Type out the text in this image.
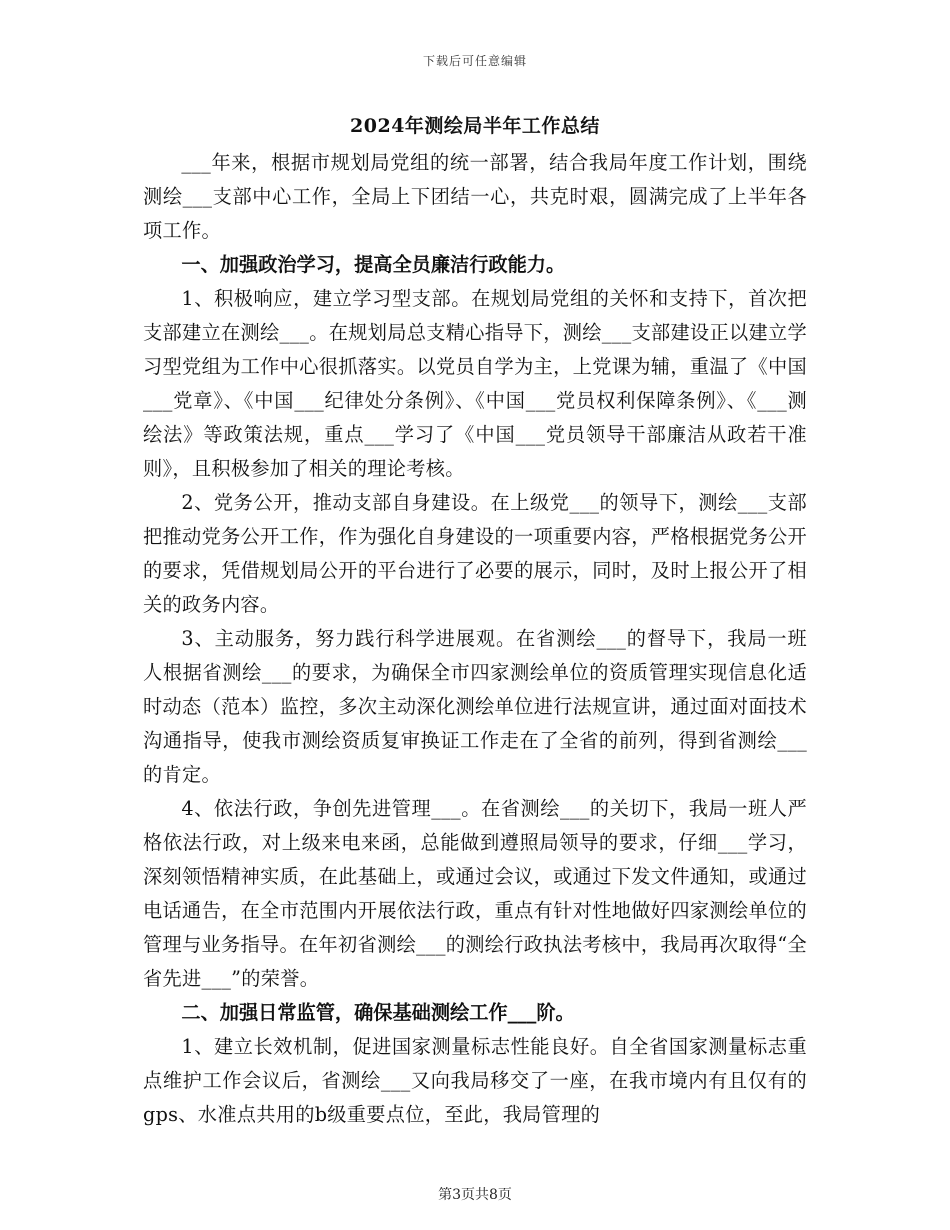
下载后可任意编辑
2024年测绘局半年工作总结

___年来，根据市规划局党组的统一部署，结合我局年度工作计划，围绕测绘___支部中心工作，全局上下团结一心，共克时艰，圆满完成了上半年各项工作。

一、加强政治学习，提高全员廉洁行政能力。

1、积极响应，建立学习型支部。在规划局党组的关怀和支持下，首次把支部建立在测绘___。在规划局总支精心指导下，测绘___支部建设正以建立学习型党组为工作中心很抓落实。以党员自学为主，上党课为辅，重温了《中国___党章》、《中国___纪律处分条例》、《中国___党员权利保障条例》、《___测绘法》等政策法规，重点___学习了《中国___党员领导干部廉洁从政若干准则》，且积极参加了相关的理论考核。

2、党务公开，推动支部自身建设。在上级党___的领导下，测绘___支部把推动党务公开工作，作为强化自身建设的一项重要内容，严格根据党务公开的要求，凭借规划局公开的平台进行了必要的展示，同时，及时上报公开了相关的政务内容。

3、主动服务，努力践行科学进展观。在省测绘___的督导下，我局一班人根据省测绘___的要求，为确保全市四家测绘单位的资质管理实现信息化适时动态（范本）监控，多次主动深化测绘单位进行法规宣讲，通过面对面技术沟通指导，使我市测绘资质复审换证工作走在了全省的前列，得到省测绘___的肯定。

4、依法行政，争创先进管理___。在省测绘___的关切下，我局一班人严格依法行政，对上级来电来函，总能做到遵照局领导的要求，仔细___学习，深刻领悟精神实质，在此基础上，或通过会议，或通过下发文件通知，或通过电话通告，在全市范围内开展依法行政，重点有针对性地做好四家测绘单位的管理与业务指导。在年初省测绘___的测绘行政执法考核中，我局再次取得“全省先进___”的荣誉。

二、加强日常监管，确保基础测绘工作___阶。

1、建立长效机制，促进国家测量标志性能良好。自全省国家测量标志重点维护工作会议后，省测绘___又向我局移交了一座，在我市境内有且仅有的gps、水准点共用的b级重要点位，至此，我局管理的

第3页共8页
